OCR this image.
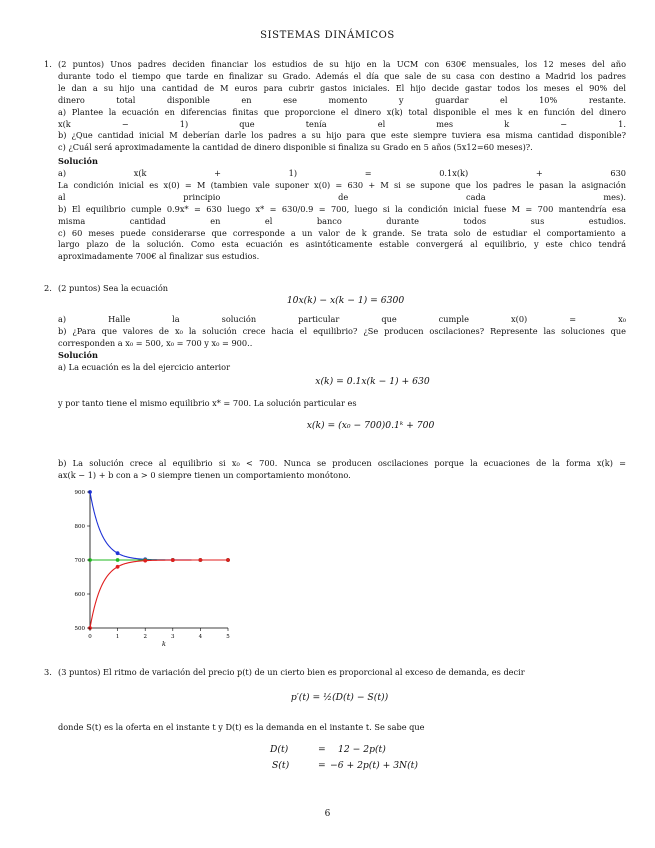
SISTEMAS DINÁMICOS
1. (2 puntos) Unos padres deciden financiar los estudios de su hijo en la UCM con 630€ mensuales, los 12 meses del año
durante todo el tiempo que tarde en finalizar su Grado. Además el día que sale de su casa con destino a Madrid los padres
le dan a su hijo una cantidad de M euros para cubrir gastos iniciales. El hijo decide gastar todos los meses el 90% del
dinero total disponible en ese momento y guardar el 10% restante.
a) Plantee la ecuación en diferencias finitas que proporcione el dinero x(k) total disponible el mes k en función del dinero
x(k − 1) que tenía el mes k − 1.
b) ¿Que cantidad inicial M deberían darle los padres a su hijo para que este siempre tuviera esa misma cantidad disponible?
c) ¿Cuál será aproximadamente la cantidad de dinero disponible si finaliza su Grado en 5 años (5x12=60 meses)?.
Solución
a) x(k + 1) = 0.1x(k) + 630
La condición inicial es x(0) = M (tambien vale suponer x(0) = 630 + M si se supone que los padres le pasan la asignación
al principio de cada mes).
b) El equilibrio cumple 0.9x* = 630 luego x* = 630/0.9 = 700, luego si la condición inicial fuese M = 700 mantendría esa
misma cantidad en el banco durante todos sus estudios.
c) 60 meses puede considerarse que corresponde a un valor de k grande. Se trata solo de estudiar el comportamiento a
largo plazo de la solución. Como esta ecuación es asintóticamente estable convergerá al equilibrio, y este chico tendrá
aproximadamente 700€ al finalizar sus estudios.
2. (2 puntos) Sea la ecuación
10x(k) − x(k − 1) = 6300
a) Halle la solución particular que cumple x(0) = x₀
b) ¿Para que valores de x₀ la solución crece hacia el equilibrio? ¿Se producen oscilaciones? Represente las soluciones que
corresponden a x₀ = 500, x₀ = 700 y x₀ = 900..
Solución
a) La ecuación es la del ejercicio anterior
x(k) = 0.1x(k − 1) + 630
y por tanto tiene el mismo equilibrio x* = 700. La solución particular es
x(k) = (x₀ − 700)0.1ᵏ + 700
b) La solución crece al equilibrio si x₀ < 700. Nunca se producen oscilaciones porque la ecuaciones de la forma x(k) =
ax(k − 1) + b con a > 0 siempre tienen un comportamiento monótono.
500
600
700
800
900
0	1	2	3	4	5
k
3. (3 puntos) El ritmo de variación del precio p(t) de un cierto bien es proporcional al exceso de demanda, es decir
p′(t) = ½(D(t) − S(t))
donde S(t) es la oferta en el instante t y D(t) es la demanda en el instante t. Se sabe que
D(t)	= 12 − 2p(t)
S(t)	= −6 + 2p(t) + 3N(t)
6
